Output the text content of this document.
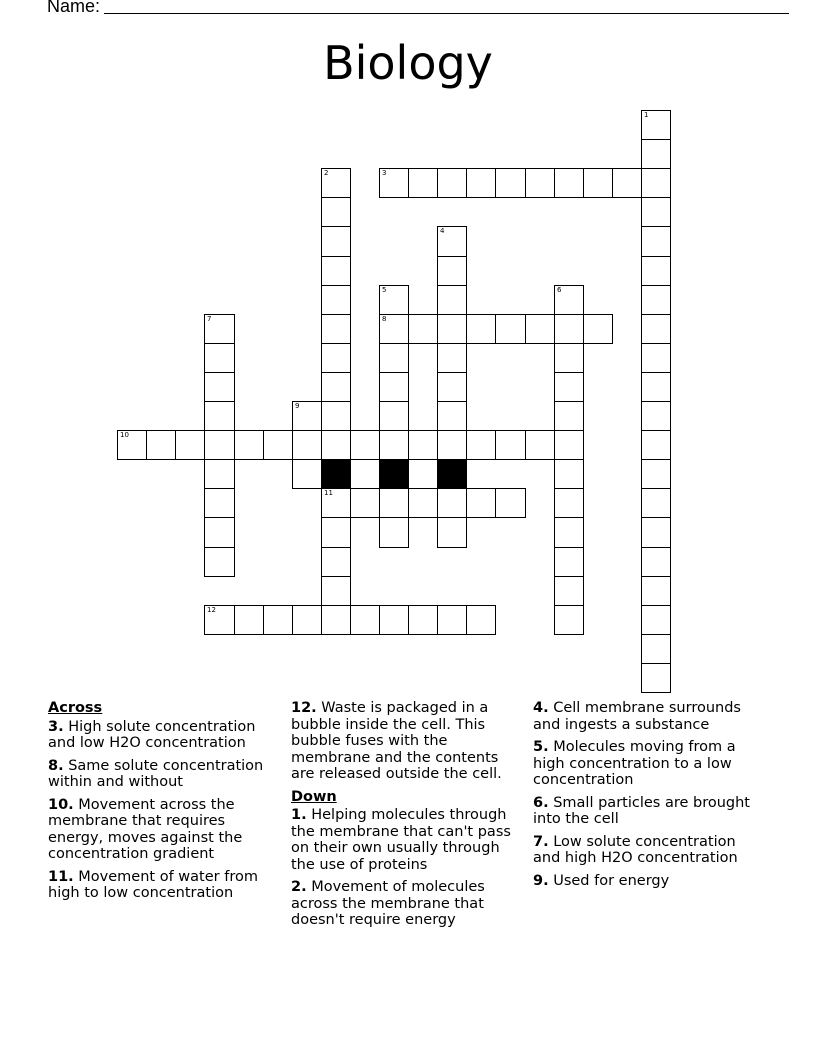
Name:
Biology
1
2
11
3
4
5
8
6
7
9
10
12
Across
3. High solute concentration and low H2O concentration
8. Same solute concentration within and without
10. Movement across the membrane that requires energy, moves against the concentration gradient
11. Movement of water from high to low concentration
12. Waste is packaged in a bubble inside the cell. This bubble fuses with the membrane and the contents are released outside the cell.
Down
1. Helping molecules through the membrane that can't pass on their own usually through the use of proteins
2. Movement of molecules across the membrane that doesn't require energy
4. Cell membrane surrounds and ingests a substance
5. Molecules moving from a high concentration to a low concentration
6. Small particles are brought into the cell
7. Low solute concentration and high H2O concentration
9. Used for energy
